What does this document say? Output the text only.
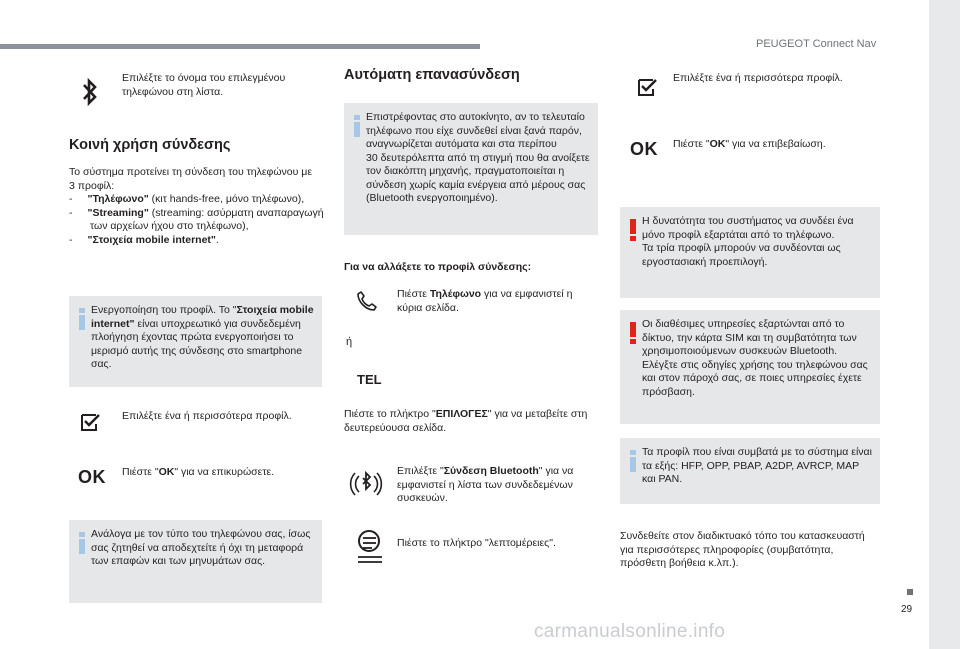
PEUGEOT Connect Nav
29
carmanualsonline.info
Επιλέξτε το όνομα του επιλεγμένου
τηλεφώνου στη λίστα.
Κοινή χρήση σύνδεσης
Το σύστημα προτείνει τη σύνδεση του τηλεφώνου με
3 προφίλ:
- "Τηλέφωνο" (κιτ hands-free, μόνο τηλέφωνο),
- "Streaming" (streaming: ασύρματη αναπαραγωγή
των αρχείων ήχου στο τηλέφωνο),
- "Στοιχεία mobile internet".
Ενεργοποίηση του προφίλ. Το "Στοιχεία mobile
internet" είναι υποχρεωτικό για συνδεδεμένη
πλοήγηση έχοντας πρώτα ενεργοποιήσει το
μερισμό αυτής της σύνδεσης στο smartphone
σας.
Επιλέξτε ένα ή περισσότερα προφίλ.
OK Πιέστε "OK" για να επικυρώσετε.
Ανάλογα με τον τύπο του τηλεφώνου σας, ίσως
σας ζητηθεί να αποδεχτείτε ή όχι τη μεταφορά
των επαφών και των μηνυμάτων σας.
Αυτόματη επανασύνδεση
Επιστρέφοντας στο αυτοκίνητο, αν το τελευταίο
τηλέφωνο που είχε συνδεθεί είναι ξανά παρόν,
αναγνωρίζεται αυτόματα και στα περίπου
30 δευτερόλεπτα από τη στιγμή που θα ανοίξετε
τον διακόπτη μηχανής, πραγματοποιείται η
σύνδεση χωρίς καμία ενέργεια από μέρους σας
(Bluetooth ενεργοποιημένο).
Για να αλλάξετε το προφίλ σύνδεσης:
Πιέστε Τηλέφωνο για να εμφανιστεί η
κύρια σελίδα.
ή
TEL
Πιέστε το πλήκτρο "ΕΠΙΛΟΓΕΣ" για να μεταβείτε στη
δευτερεύουσα σελίδα.
Επιλέξτε "Σύνδεση Bluetooth" για να
εμφανιστεί η λίστα των συνδεδεμένων
συσκευών.
Πιέστε το πλήκτρο "λεπτομέρειες".
Επιλέξτε ένα ή περισσότερα προφίλ.
OK Πιέστε "OK" για να επιβεβαίωση.
Η δυνατότητα του συστήματος να συνδέει ένα
μόνο προφίλ εξαρτάται από το τηλέφωνο.
Τα τρία προφίλ μπορούν να συνδέονται ως
εργοστασιακή προεπιλογή.
Οι διαθέσιμες υπηρεσίες εξαρτώνται από το
δίκτυο, την κάρτα SIM και τη συμβατότητα των
χρησιμοποιούμενων συσκευών Bluetooth.
Ελέγξτε στις οδηγίες χρήσης του τηλεφώνου σας
και στον πάροχό σας, σε ποιες υπηρεσίες έχετε
πρόσβαση.
Τα προφίλ που είναι συμβατά με το σύστημα είναι
τα εξής: HFP, OPP, PBAP, A2DP, AVRCP, MAP
και PAN.
Συνδεθείτε στον διαδικτυακό τόπο του κατασκευαστή
για περισσότερες πληροφορίες (συμβατότητα,
πρόσθετη βοήθεια κ.λπ.).
